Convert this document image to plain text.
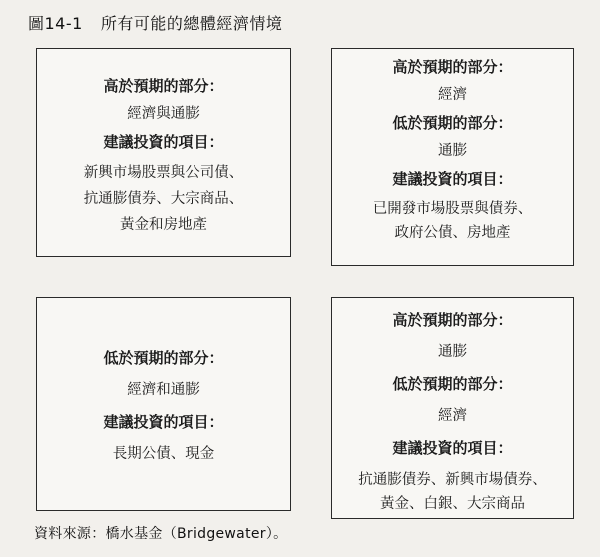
圖14-1 所有可能的總體經濟情境
高於預期的部分：
經濟與通膨
建議投資的項目：
新興市場股票與公司債、
抗通膨債券、大宗商品、
黃金和房地產
高於預期的部分：
經濟
低於預期的部分：
通膨
建議投資的項目：
已開發市場股票與債券、
政府公債、房地產
低於預期的部分：
經濟和通膨
建議投資的項目：
長期公債、現金
高於預期的部分：
通膨
低於預期的部分：
經濟
建議投資的項目：
抗通膨債券、新興市場債券、
黃金、白銀、大宗商品
資料來源：橋水基金（Bridgewater）。
